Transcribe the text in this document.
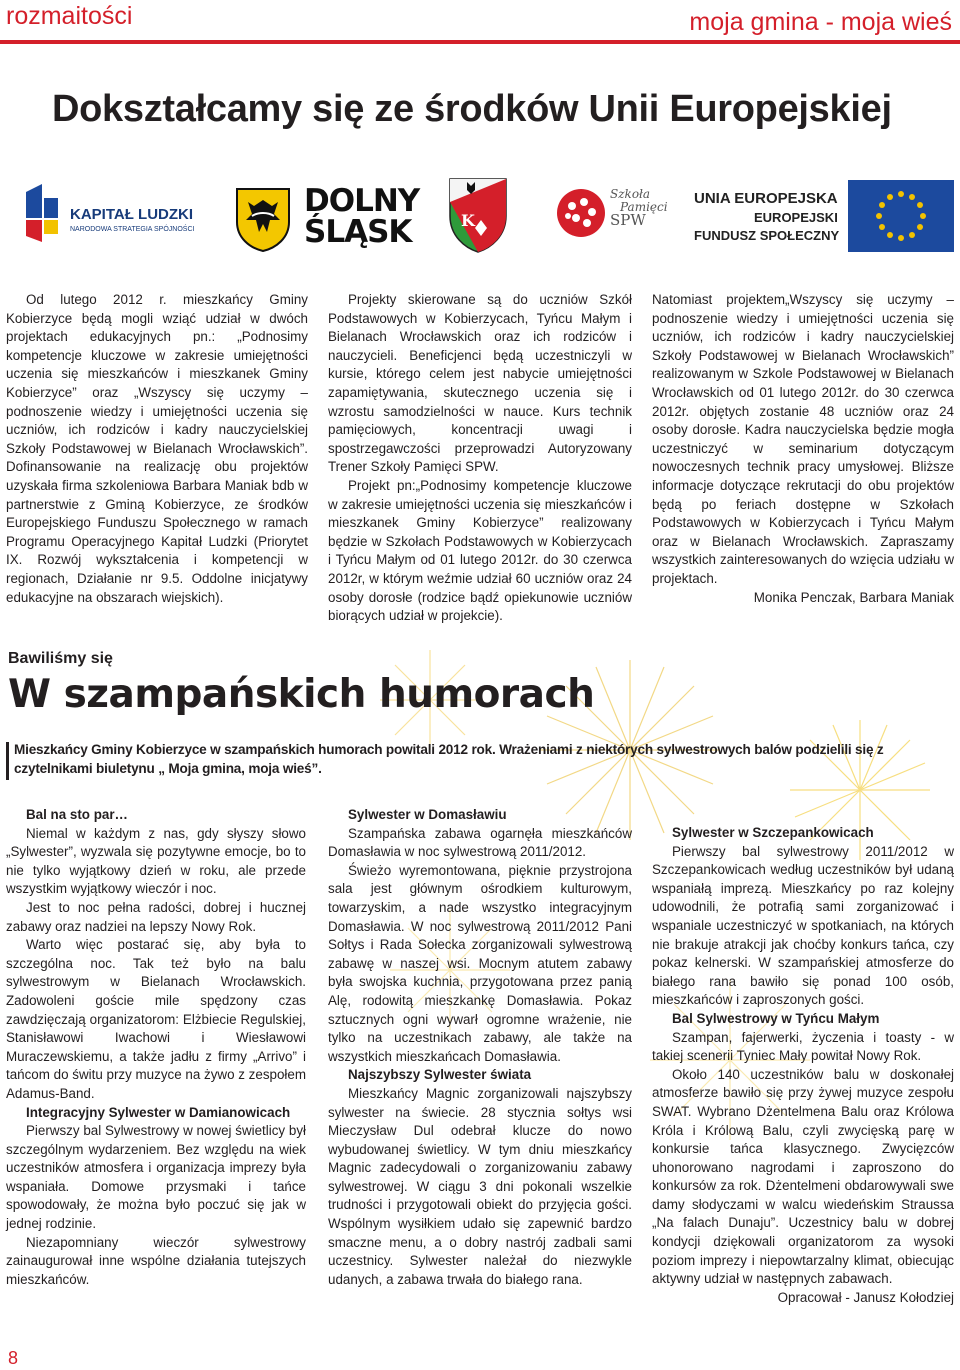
rozmaitości	moja gmina - moja wieś
Dokształcamy się ze środków Unii Europejskiej
KAPITAŁ LUDZKI
NARODOWA STRATEGIA SPÓJNOŚCI
DOLNY
ŚLĄSK	K
Szkoła
Pamięci
SPW
UNIA EUROPEJSKA
EUROPEJSKI
FUNDUSZ SPOŁECZNY

Od lutego 2012 r. mieszkańcy Gminy Kobierzyce będą mogli wziąć udział w dwóch projektach edukacyjnych pn.: „Podnosimy kompetencje kluczowe w zakresie umiejętności uczenia się mieszkańców i mieszkanek Gminy Kobierzyce” oraz „Wszyscy się uczymy – podnoszenie wiedzy i umiejętności uczenia się uczniów, ich rodziców i kadry nauczycielskiej Szkoły Podstawowej w Bielanach Wrocławskich”. Dofinansowanie na realizację obu projektów uzyskała firma szkoleniowa Barbara Maniak bdb w partnerstwie z Gminą Kobierzyce, ze środków Europejskiego Funduszu Społecznego w ramach Programu Operacyjnego Kapitał Ludzki (Priorytet IX. Rozwój wykształcenia i kompetencji w regionach, Działanie nr 9.5. Oddolne inicjatywy edukacyjne na obszarach wiejskich).

Projekty skierowane są do uczniów Szkół Podstawowych w Kobierzycach, Tyńcu Małym i Bielanach Wrocławskich oraz ich rodziców i nauczycieli. Beneficjenci będą uczestniczyli w kursie, którego celem jest nabycie umiejętności zapamiętywania, skutecznego uczenia się i wzrostu samodzielności w nauce. Kurs technik pamięciowych, koncentracji uwagi i spostrzegawczości przeprowadzi Autoryzowany Trener Szkoły Pamięci SPW.

Projekt pn:„Podnosimy kompetencje kluczowe w zakresie umiejętności uczenia się mieszkańców i mieszkanek Gminy Kobierzyce” realizowany będzie w Szkołach Podstawowych w Kobierzycach i Tyńcu Małym od 01 lutego 2012r. do 30 czerwca 2012r, w którym weźmie udział 60 uczniów oraz 24 osoby dorosłe (rodzice bądź opiekunowie uczniów biorących udział w projekcie).

Natomiast projektem„Wszyscy się uczymy – podnoszenie wiedzy i umiejętności uczenia się uczniów, ich rodziców i kadry nauczycielskiej Szkoły Podstawowej w Bielanach Wrocławskich” realizowanym w Szkole Podstawowej w Bielanach Wrocławskich od 01 lutego 2012r. do 30 czerwca 2012r. objętych zostanie 48 uczniów oraz 24 osoby dorosłe. Kadra nauczycielska będzie mogła uczestniczyć w seminarium dotyczącym nowoczesnych technik pracy umysłowej. Bliższe informacje dotyczące rekrutacji do obu projektów będą po feriach dostępne w Szkołach Podstawowych w Kobierzycach i Tyńcu Małym oraz w Bielanach Wrocławskich. Zapraszamy wszystkich zainteresowanych do wzięcia udziału w projektach.

Monika Penczak, Barbara Maniak

Bawiliśmy się
W szampańskich humorach

Mieszkańcy Gminy Kobierzyce w szampańskich humorach powitali 2012 rok. Wrażeniami z niektórych sylwestrowych balów podzielili się z czytelnikami biuletynu „ Moja gmina, moja wieś”.

Bal na sto par…

Niemal w każdym z nas, gdy słyszy słowo „Sylwester”, wyzwala się pozytywne emocje, bo to nie tylko wyjątkowy dzień w roku, ale przede wszystkim wyjątkowy wieczór i noc.

Jest to noc pełna radości, dobrej i hucznej zabawy oraz nadziei na lepszy Nowy Rok.

Warto więc postarać się, aby była to szczególna noc. Tak też było na balu sylwestrowym w Bielanach Wrocławskich. Zadowoleni goście mile spędzony czas zawdzięczają organizatorom: Elżbiecie Regulskiej, Stanisławowi Iwachowi i Wiesławowi Muraczewskiemu, a także jadłu z firmy „Arrivo” i tańcom do świtu przy muzyce na żywo z zespołem Adamus-Band.

Integracyjny Sylwester w Damianowicach

Pierwszy bal Sylwestrowy w nowej świetlicy był szczególnym wydarzeniem. Bez względu na wiek uczestników atmosfera i organizacja imprezy była wspaniała. Domowe przysmaki i tańce spowodowały, że można było poczuć się jak w jednej rodzinie.

Niezapomniany wieczór sylwestrowy zainaugurował inne wspólne działania tutejszych mieszkańców.

Sylwester w Domasławiu

Szampańska zabawa ogarnęła mieszkańców Domasławia w noc sylwestrową 2011/2012.

Świeżo wyremontowana, pięknie przystrojona sala jest głównym ośrodkiem kulturowym, towarzyskim, a nade wszystko integracyjnym Domasławia. W noc sylwestrową 2011/2012 Pani Sołtys i Rada Sołecka zorganizowali sylwestrową zabawę w naszej wsi. Mocnym atutem zabawy była swojska kuchnia, przygotowana przez panią Alę, rodowitą mieszkankę Domasławia. Pokaz sztucznych ogni wywarł ogromne wrażenie, nie tylko na uczestnikach zabawy, ale także na wszystkich mieszkańcach Domasławia.

Najszybszy Sylwester świata

Mieszkańcy Magnic zorganizowali najszybszy sylwester na świecie. 28 stycznia sołtys wsi Mieczysław Dul odebrał klucze do nowo wybudowanej świetlicy. W tym dniu mieszkańcy Magnic zadecydowali o zorganizowaniu zabawy sylwestrowej. W ciągu 3 dni pokonali wszelkie trudności i przygotowali obiekt do przyjęcia gości. Wspólnym wysiłkiem udało się zapewnić bardzo smaczne menu, a o dobry nastrój zadbali sami uczestnicy. Sylwester należał do niezwykle udanych, a zabawa trwała do białego rana.

Sylwester w Szczepankowicach

Pierwszy bal sylwestrowy 2011/2012 w Szczepankowicach według uczestników był udaną wspaniałą imprezą. Mieszkańcy po raz kolejny udowodnili, że potrafią sami zorganizować i wspaniale uczestniczyć w spotkaniach, na których nie brakuje atrakcji jak choćby konkurs tańca, czy pokaz kelnerski. W szampańskiej atmosferze do białego rana bawiło się ponad 100 osób, mieszkańców i zaproszonych gości.

Bal Sylwestrowy w Tyńcu Małym

Szampan, fajerwerki, życzenia i toasty - w takiej scenerii Tyniec Mały powitał Nowy Rok.

Około 140 uczestników balu w doskonałej atmosferze bawiło się przy żywej muzyce zespołu SWAT. Wybrano Dżentelmena Balu oraz Królowa Króla i Królową Balu, czyli zwycięską parę w konkursie tańca klasycznego. Zwycięzców uhonorowano nagrodami i zaproszono do konkursów za rok. Dżentelmeni obdarowywali swe damy słodyczami w walcu wiedeńskim Straussa „Na falach Dunaju”. Uczestnicy balu w dobrej kondycji dziękowali organizatorom za wysoki poziom imprezy i niepowtarzalny klimat, obiecując aktywny udział w następnych zabawach.

Opracował - Janusz Kołodziej

8
